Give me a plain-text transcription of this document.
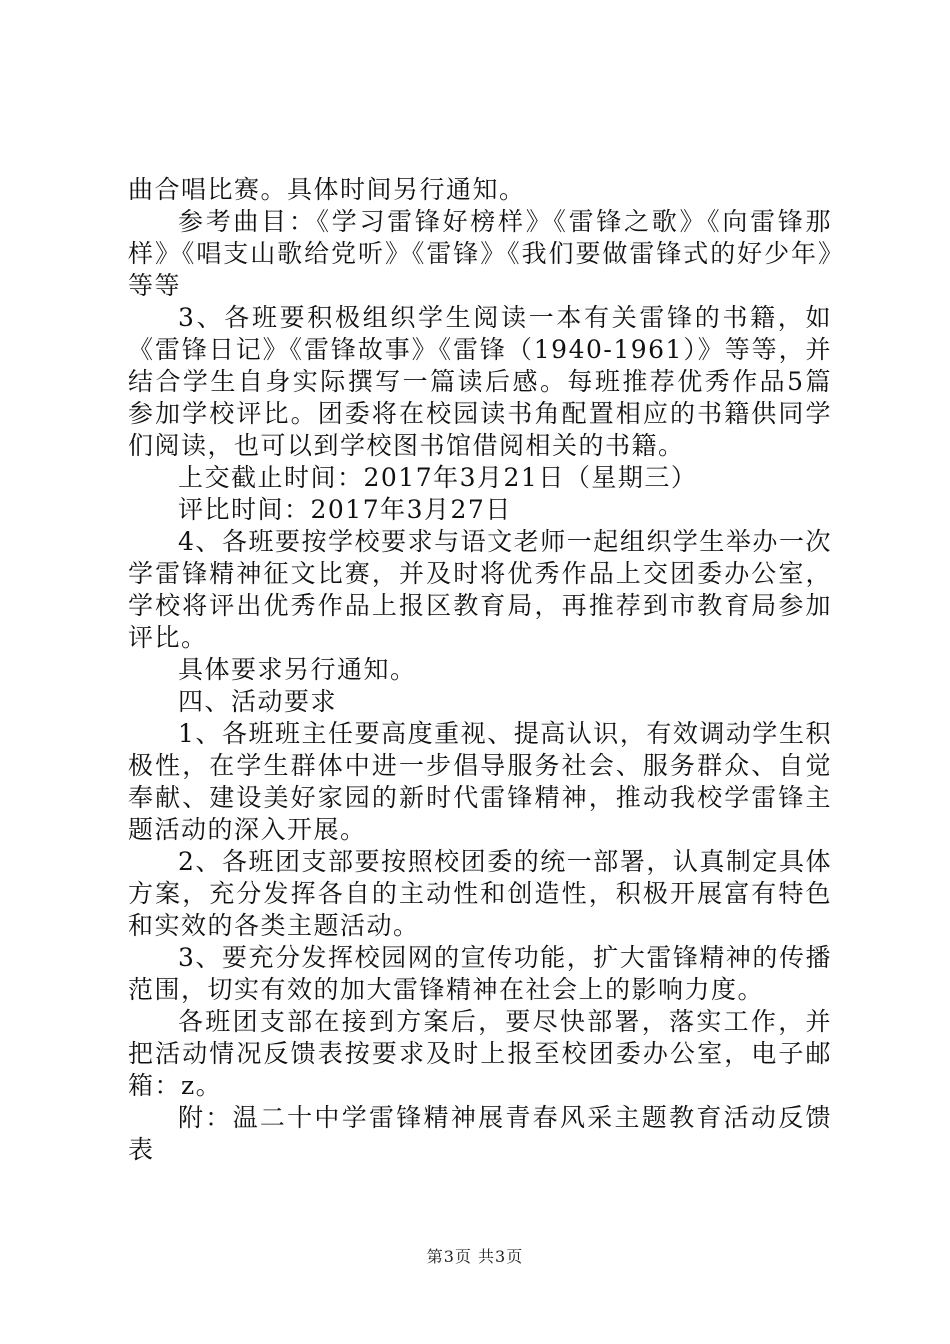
曲合唱比赛。具体时间另行通知。

参考曲目：《学习雷锋好榜样》《雷锋之歌》《向雷锋那样》《唱支山歌给党听》《雷锋》《我们要做雷锋式的好少年》等等

3、各班要积极组织学生阅读一本有关雷锋的书籍，如《雷锋日记》《雷锋故事》《雷锋（1940-1961）》等等，并结合学生自身实际撰写一篇读后感。每班推荐优秀作品5篇参加学校评比。团委将在校园读书角配置相应的书籍供同学们阅读，也可以到学校图书馆借阅相关的书籍。

上交截止时间：2017年3月21日（星期三）

评比时间：2017年3月27日

4、各班要按学校要求与语文老师一起组织学生举办一次学雷锋精神征文比赛，并及时将优秀作品上交团委办公室，学校将评出优秀作品上报区教育局，再推荐到市教育局参加评比。

具体要求另行通知。

四、活动要求

1、各班班主任要高度重视、提高认识，有效调动学生积极性，在学生群体中进一步倡导服务社会、服务群众、自觉奉献、建设美好家园的新时代雷锋精神，推动我校学雷锋主题活动的深入开展。

2、各班团支部要按照校团委的统一部署，认真制定具体方案，充分发挥各自的主动性和创造性，积极开展富有特色和实效的各类主题活动。

3、要充分发挥校园网的宣传功能，扩大雷锋精神的传播范围，切实有效的加大雷锋精神在社会上的影响力度。

各班团支部在接到方案后，要尽快部署，落实工作，并把活动情况反馈表按要求及时上报至校团委办公室，电子邮箱：z。

附：温二十中学雷锋精神展青春风采主题教育活动反馈表

第3页 共3页
